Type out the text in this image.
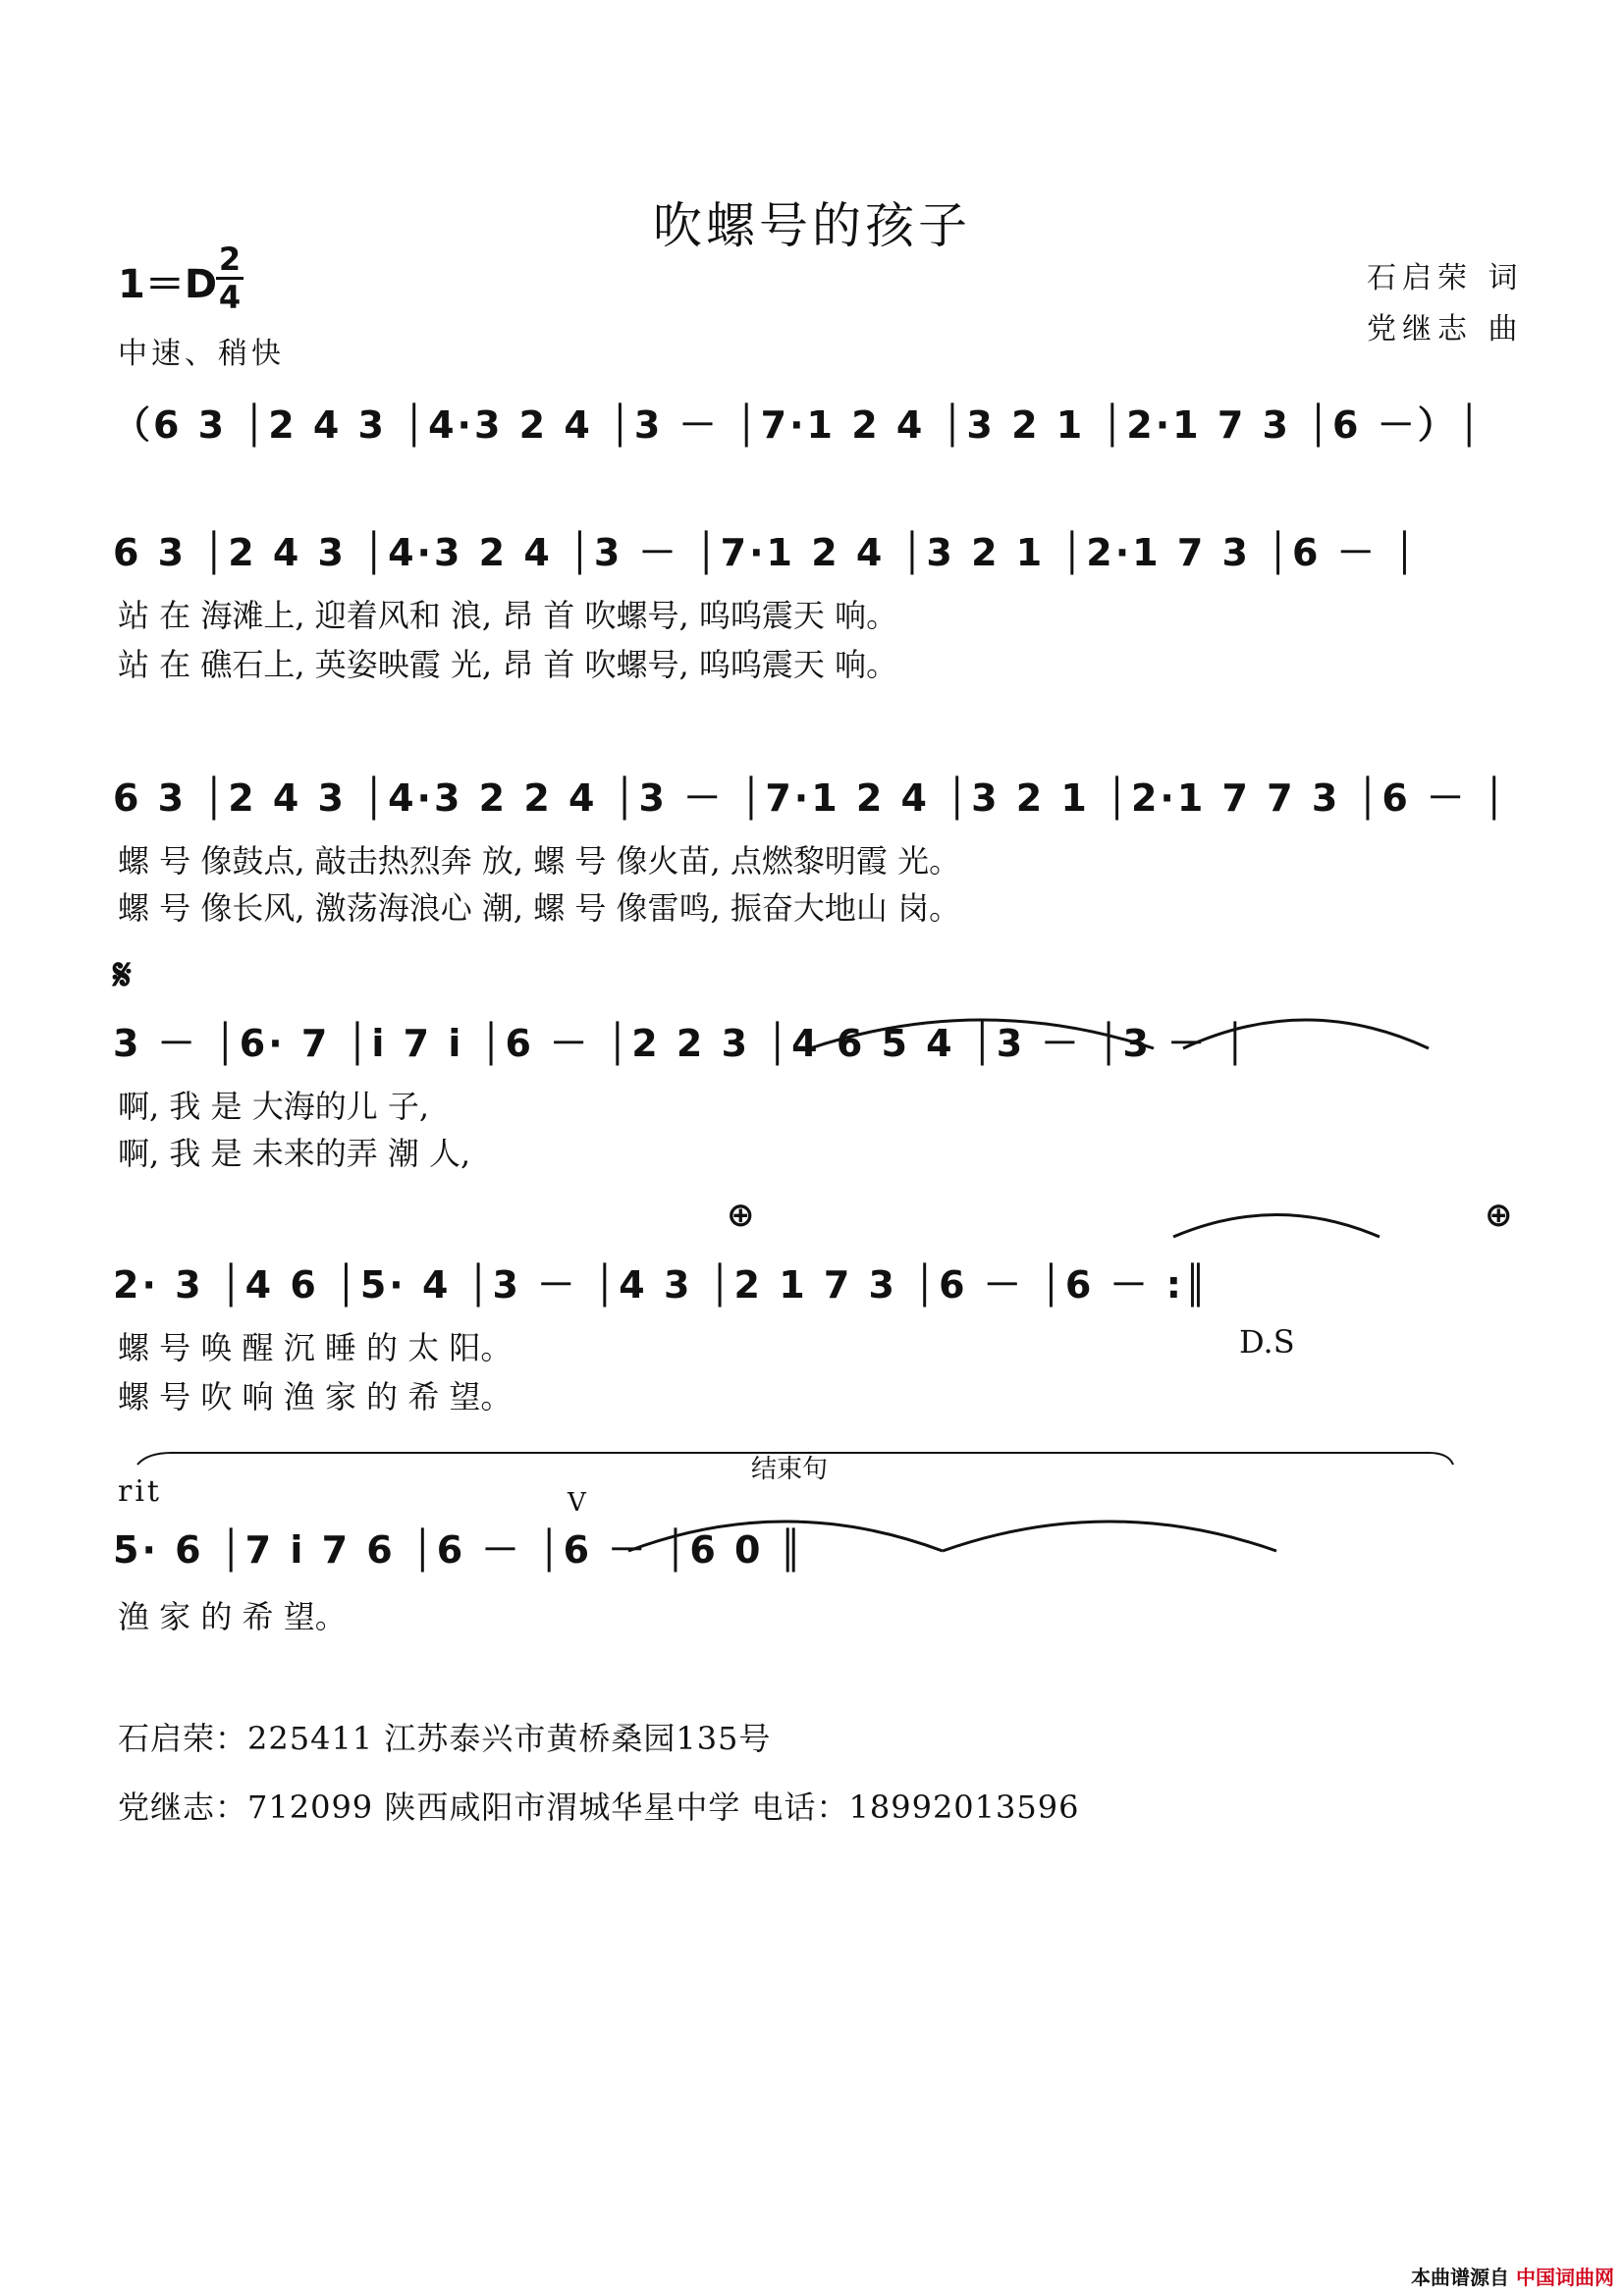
吹螺号的孩子
石启荣 词
党继志 曲
1＝D
2
4
中速、稍快
（6 3 │2 4 3 │4·3 2 4 │3 － │7·1 2 4 │3 2 1 │2·1 7 3 │6 －）│
6 3 │2 4 3 │4·3 2 4 │3 － │7·1 2 4 │3 2 1 │2·1 7 3 │6 － │
站 在 海滩上, 迎着风和 浪, 昂 首 吹螺号, 呜呜震天 响。
站 在 礁石上, 英姿映霞 光, 昂 首 吹螺号, 呜呜震天 响。
6 3 │2 4 3 │4·3 2 2 4 │3 － │7·1 2 4 │3 2 1 │2·1 7 7 3 │6 － │
螺 号 像鼓点, 敲击热烈奔 放, 螺 号 像火苗, 点燃黎明霞 光。
螺 号 像长风, 激荡海浪心 潮, 螺 号 像雷鸣, 振奋大地山 岗。
𝄋
3 － │6· 7 │i 7 i │6 － │2 2 3 │4 6 5 4 │3 － │3 － │
啊, 我 是 大海的儿 子,
啊, 我 是 未来的弄 潮 人,
⊕	⊕
2· 3 │4 6 │5· 4 │3 － │4 3 │2 1 7 3 │6 － │6 － :║
螺 号 唤 醒 沉 睡 的 太 阳。	D.S
螺 号 吹 响 渔 家 的 希 望。
结束句
rit	V
5· 6 │7 i 7 6 │6 － │6 － │6 0 ║
渔 家 的 希 望。
石启荣：225411 江苏泰兴市黄桥桑园135号
党继志：712099 陕西咸阳市渭城华星中学 电话：18992013596
本曲谱源自 中国词曲网
